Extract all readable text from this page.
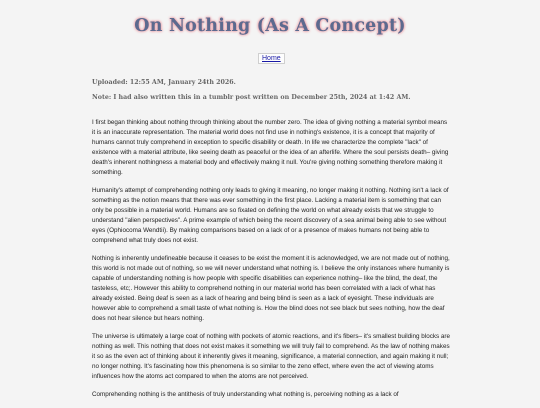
On Nothing (As A Concept)
Home
Uploaded: 12:55 AM, January 24th 2026.
Note: I had also written this in a tumblr post written on December 25th, 2024 at 1:42 AM.

I first began thinking about nothing through thinking about the number zero. The idea of giving nothing a material symbol means it is an inaccurate representation. The material world does not find use in nothing's existence, it is a concept that majority of humans cannot truly comprehend in exception to specific disability or death. In life we characterize the complete "lack" of existence with a material attribute, like seeing death as peaceful or the idea of an afterlife. Where the soul persists death– giving death's inherent nothingness a material body and effectively makng it null. You're giving nothing something therefore making it something.

Humanity's attempt of comprehending nothing only leads to giving it meaning, no longer making it nothing. Nothing isn't a lack of something as the notion means that there was ever something in the first place. Lacking a material item is something that can only be possible in a material world. Humans are so fixated on defining the world on what already exists that we struggle to understand "alien perspectives". A prime example of which being the recent discovery of a sea animal being able to see without eyes (Ophiocoma Wendtii). By making comparisons based on a lack of or a presence of makes humans not being able to comprehend what truly does not exist.

Nothing is inherently undefineable because it ceases to be exist the moment it is acknowledged, we are not made out of nothing, this world is not made out of nothing, so we will never understand what nothing is. I believe the only instances where humanity is capable of understanding nothing is how people with specific disabilities can experience nothing– like the blind, the deaf, the tasteless, etc;. However this ability to comprehend nothing in our material world has been correlated with a lack of what has already existed. Being deaf is seen as a lack of hearing and being blind is seen as a lack of eyesight. These individuals are however able to comprehend a small taste of what nothing is. How the blind does not see black but sees nothing, how the deaf does not hear silence but hears nothing.

The universe is ultimately a large coat of nothing with pockets of atomic reactions, and it's fibers– it's smallest building blocks are nothing as well. This nothing that does not exist makes it something we will truly fail to comprehend. As the law of nothing makes it so as the even act of thinking about it inherently gives it meaning, significance, a material connection, and again making it null; no longer nothing. It's fascinating how this phenomena is so similar to the zeno effect, where even the act of viewing atoms influences how the atoms act compared to when the atoms are not perceived.

Comprehending nothing is the antithesis of truly understanding what nothing is, perceiving nothing as a lack of
